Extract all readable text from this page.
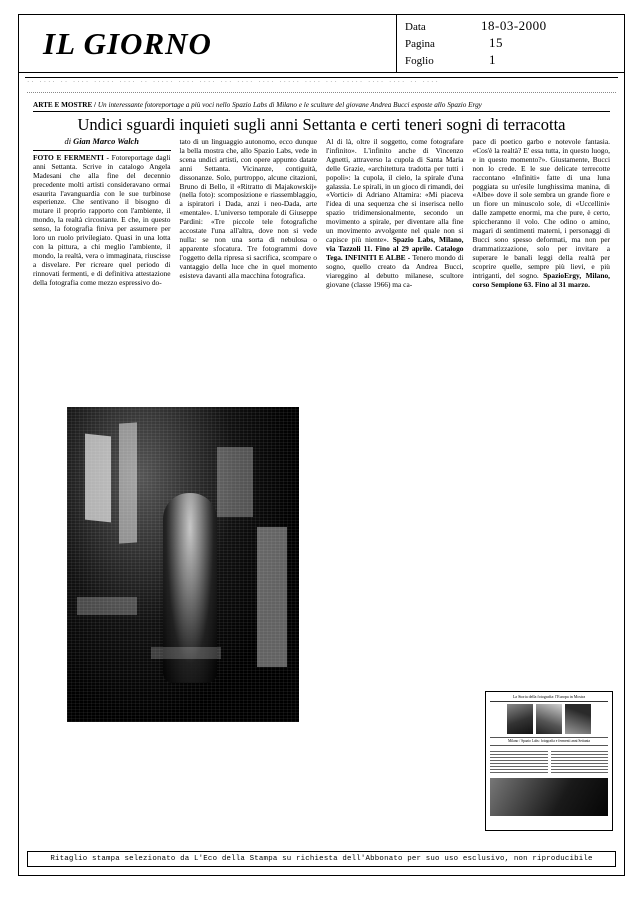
IL GIORNO	Data	18-03-2000
Pagina	15
Foglio	1
·· ···· ·· ···· ····· ···· ·· ····· ···· ···· ··· ···· ···· ····· ···· ··· ····· ···· ···· ·· ····
ARTE E MOSTRE / Un interessante fotoreportage a più voci nello Spazio Labs di Milano e le sculture del giovane Andrea Bucci esposte allo Spazio Ergy
Undici sguardi inquieti sugli anni Settanta e certi teneri sogni di terracotta
di Gian Marco Walch

FOTO E FERMENTI - Fotoreportage dagli anni Settanta. Scrive in catalogo Angela Madesani che alla fine del decennio precedente molti artisti consideravano ormai esaurita l'avanguardia con le sue turbinose esperienze. Che sentivano il bisogno di mutare il proprio rapporto con l'ambiente, il mondo, la realtà circostante. E che, in questo senso, la fotografia finiva per assumere per loro un ruolo privilegiato. Quasi in una lotta con la pittura, a chi meglio l'ambiente, il mondo, la realtà, vera o immaginata, riuscisse a disvelare. Per ricreare quel periodo di rinnovati fermenti, e di definitiva attestazione della fotografia come mezzo espressivo do-

tato di un linguaggio autonomo, ecco dunque la bella mostra che, allo Spazio Labs, vede in scena undici artisti, con opere appunto datate anni Settanta. Vicinanze, contiguità, dissonanze. Solo, purtroppo, alcune citazioni, Bruno di Bello, il «Ritratto di Majakowskij» (nella foto): scomposizione e riassemblaggio, a ispiratori i Dada, anzi i neo-Dada, arte «mentale». L'universo temporale di Giuseppe Pardini: «Tre piccole tele fotografiche accostate l'una all'altra, dove non si vede nulla: se non una sorta di nebulosa o apparente sfocatura. Tre fotogrammi dove l'oggetto della ripresa si sacrifica, scompare o vantaggio della luce che in quel momento esisteva davanti alla macchina fotografica.

Al di là, oltre il soggetto, come fotografare l'infinito». L'infinito anche di Vincenzo Agnetti, attraverso la cupola di Santa Maria delle Grazie, «architettura tradotta per tutti i popoli»: la cupola, il cielo, la spirale d'una galassia. Le spirali, in un gioco di rimandi, dei «Vortici» di Adriano Altamira: «Mi piaceva l'idea di una sequenza che si inserisca nello spazio tridimensionalmente, secondo un movimento a spirale, per diventare alla fine un movimento avvolgente nel quale non si capisce più niente». Spazio Labs, Milano, via Tazzoli 11. Fino al 29 aprile. Catalogo Tega. INFINITI E ALBE - Tenero mondo di sogno, quello creato da Andrea Bucci, viareggino al debutto milanese, scultore giovane (classe 1966) ma ca-

pace di poetico garbo e notevole fantasia. «Cos'è la realtà? E' essa tutta, in questo luogo, e in questo momento?». Giustamente, Bucci non lo crede. E le sue delicate terrecotte raccontano «Infiniti» fatte di una luna poggiata su un'esile lunghissima manina, di «Albe» dove il sole sembra un grande fiore e un fiore un minuscolo sole, di «Uccellini» dalle zampette enormi, ma che pure, è certo, spiccheranno il volo. Che odino o amino, magari di sentimenti materni, i personaggi di Bucci sono spesso deformati, ma non per drammatizzazione, solo per invitare a superare le banali leggi della realtà per scoprire quelle, sempre più lievi, e più intriganti, del sogno. SpazioErgy, Milano, corso Sempione 63. Fino al 31 marzo.

La Storia della fotografia: l'Europa in Mostra
Milano / Spazio Labs: fotografia e fermenti anni Settanta
Ritaglio stampa selezionato da L'Eco della Stampa su richiesta dell'Abbonato per suo uso esclusivo, non riproducibile
